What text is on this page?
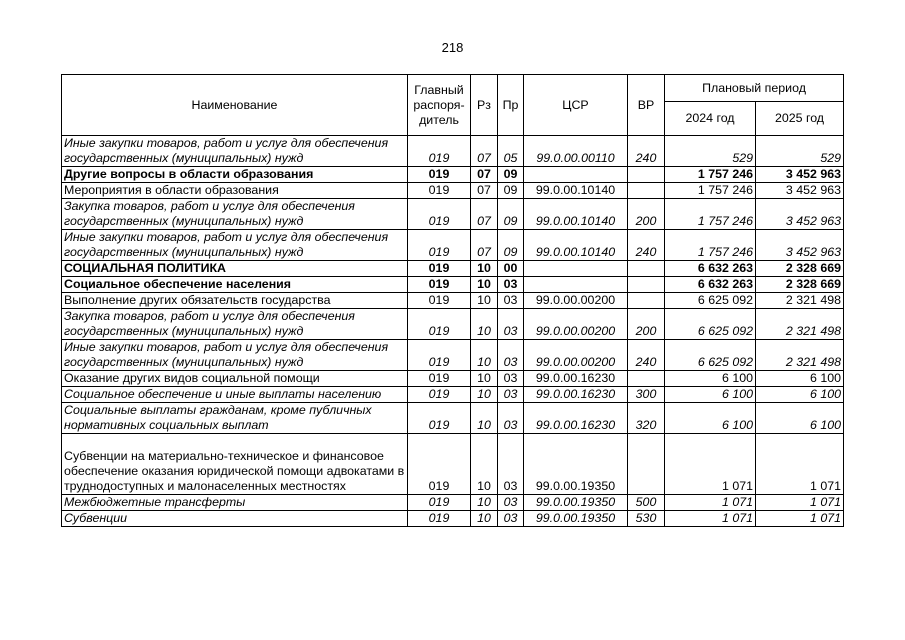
218
Наименование	Главный распоря-дитель	Рз	Пр	ЦСР	ВР	Плановый период	
						2024 год	2025 год
Иные закупки товаров, работ и услуг для обеспечения государственных (муниципальных) нужд	019	07	05	99.0.00.00110	240	529	529
Другие вопросы в области образования	019	07	09			1 757 246	3 452 963
Мероприятия в области образования	019	07	09	99.0.00.10140		1 757 246	3 452 963
Закупка товаров, работ и услуг для обеспечения государственных (муниципальных) нужд	019	07	09	99.0.00.10140	200	1 757 246	3 452 963
Иные закупки товаров, работ и услуг для обеспечения государственных (муниципальных) нужд	019	07	09	99.0.00.10140	240	1 757 246	3 452 963
СОЦИАЛЬНАЯ ПОЛИТИКА	019	10	00			6 632 263	2 328 669
Социальное обеспечение населения	019	10	03			6 632 263	2 328 669
Выполнение других обязательств государства	019	10	03	99.0.00.00200		6 625 092	2 321 498
Закупка товаров, работ и услуг для обеспечения государственных (муниципальных) нужд	019	10	03	99.0.00.00200	200	6 625 092	2 321 498
Иные закупки товаров, работ и услуг для обеспечения государственных (муниципальных) нужд	019	10	03	99.0.00.00200	240	6 625 092	2 321 498
Оказание других видов социальной помощи	019	10	03	99.0.00.16230		6 100	6 100
Социальное обеспечение и иные выплаты населению	019	10	03	99.0.00.16230	300	6 100	6 100
Социальные выплаты гражданам, кроме публичных нормативных социальных выплат	019	10	03	99.0.00.16230	320	6 100	6 100
Субвенции на материально-техническое и финансовое обеспечение оказания юридической помощи адвокатами в труднодоступных и малонаселенных местностях	019	10	03	99.0.00.19350		1 071	1 071
Межбюджетные трансферты	019	10	03	99.0.00.19350	500	1 071	1 071
Субвенции	019	10	03	99.0.00.19350	530	1 071	1 071
